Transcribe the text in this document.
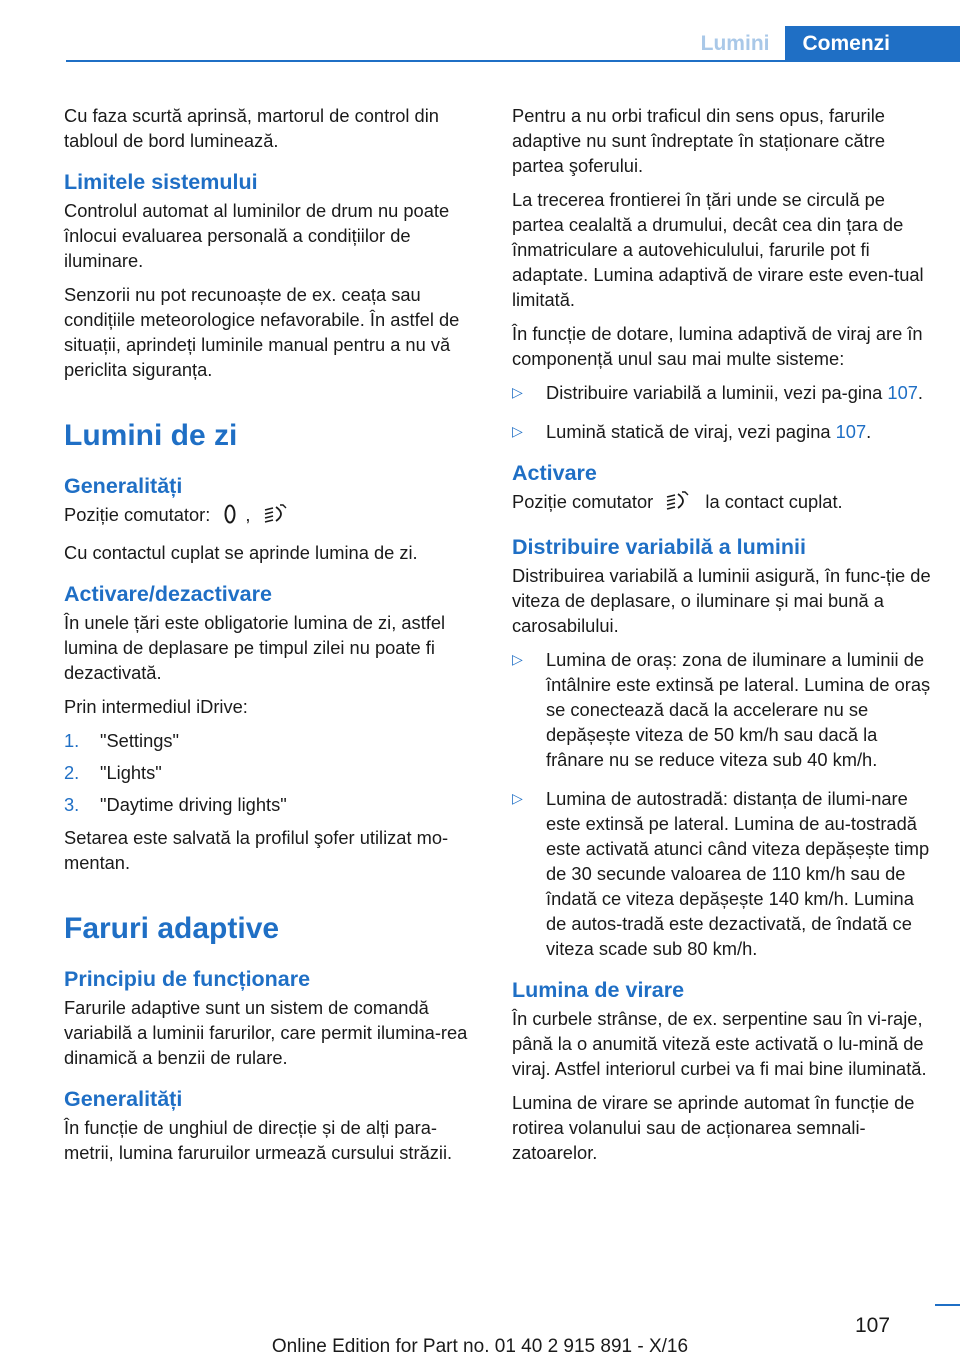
Lumini	Comenzi

Cu faza scurtă aprinsă, martorul de control din tabloul de bord luminează.

Limitele sistemului

Controlul automat al luminilor de drum nu poate înlocui evaluarea personală a condițiilor de iluminare.

Senzorii nu pot recunoaște de ex. ceața sau condițiile meteorologice nefavorabile. În astfel de situații, aprindeți luminile manual pentru a nu vă periclita siguranța.

Lumini de zi
Generalități

Poziție comutator: ,

Cu contactul cuplat se aprinde lumina de zi.

Activare/dezactivare

În unele țări este obligatorie lumina de zi, astfel lumina de deplasare pe timpul zilei nu poate fi dezactivată.

Prin intermediul iDrive:

1. "Settings"
2. "Lights"
3. "Daytime driving lights"

Setarea este salvată la profilul şofer utilizat mo‐mentan.

Faruri adaptive
Principiu de funcționare

Farurile adaptive sunt un sistem de comandă variabilă a luminii farurilor, care permit ilumina‐rea dinamică a benzii de rulare.

Generalități

În funcție de unghiul de direcție și de alți para‐metrii, lumina faruruilor urmează cursului străzii.

Pentru a nu orbi traficul din sens opus, farurile adaptive nu sunt îndreptate în staționare către partea şoferului.

La trecerea frontierei în țări unde se circulă pe partea cealaltă a drumului, decât cea din țara de înmatriculare a autovehiculului, farurile pot fi adaptate. Lumina adaptivă de virare este even‐tual limitată.

În funcție de dotare, lumina adaptivă de viraj are în componență unul sau mai multe sisteme:

▷ Distribuire variabilă a luminii, vezi pa‐gina 107.
▷ Lumină statică de viraj, vezi pagina 107.
Activare

Poziție comutator	la contact cuplat.

Distribuire variabilă a luminii

Distribuirea variabilă a luminii asigură, în func‐ție de viteza de deplasare, o iluminare și mai bună a carosabilului.

▷ Lumina de oraș: zona de iluminare a luminii de întâlnire este extinsă pe lateral. Lumina de oraș se conectează dacă la accelerare nu se depășește viteza de 50 km/h sau dacă la frânare nu se reduce viteza sub 40 km/h.
▷ Lumina de autostradă: distanța de ilumi‐nare este extinsă pe lateral. Lumina de au‐tostradă este activată atunci când viteza depășește timp de 30 secunde valoarea de 110 km/h sau de îndată ce viteza depășește 140 km/h. Lumina de autos‐tradă este dezactivată, de îndată ce viteza scade sub 80 km/h.
Lumina de virare

În curbele strânse, de ex. serpentine sau în vi‐raje, până la o anumită viteză este activată o lu‐mină de viraj. Astfel interiorul curbei va fi mai bine iluminată.

Lumina de virare se aprinde automat în funcție de rotirea volanului sau de acționarea semnali‐zatoarelor.

107
Online Edition for Part no. 01 40 2 915 891 - X/16
